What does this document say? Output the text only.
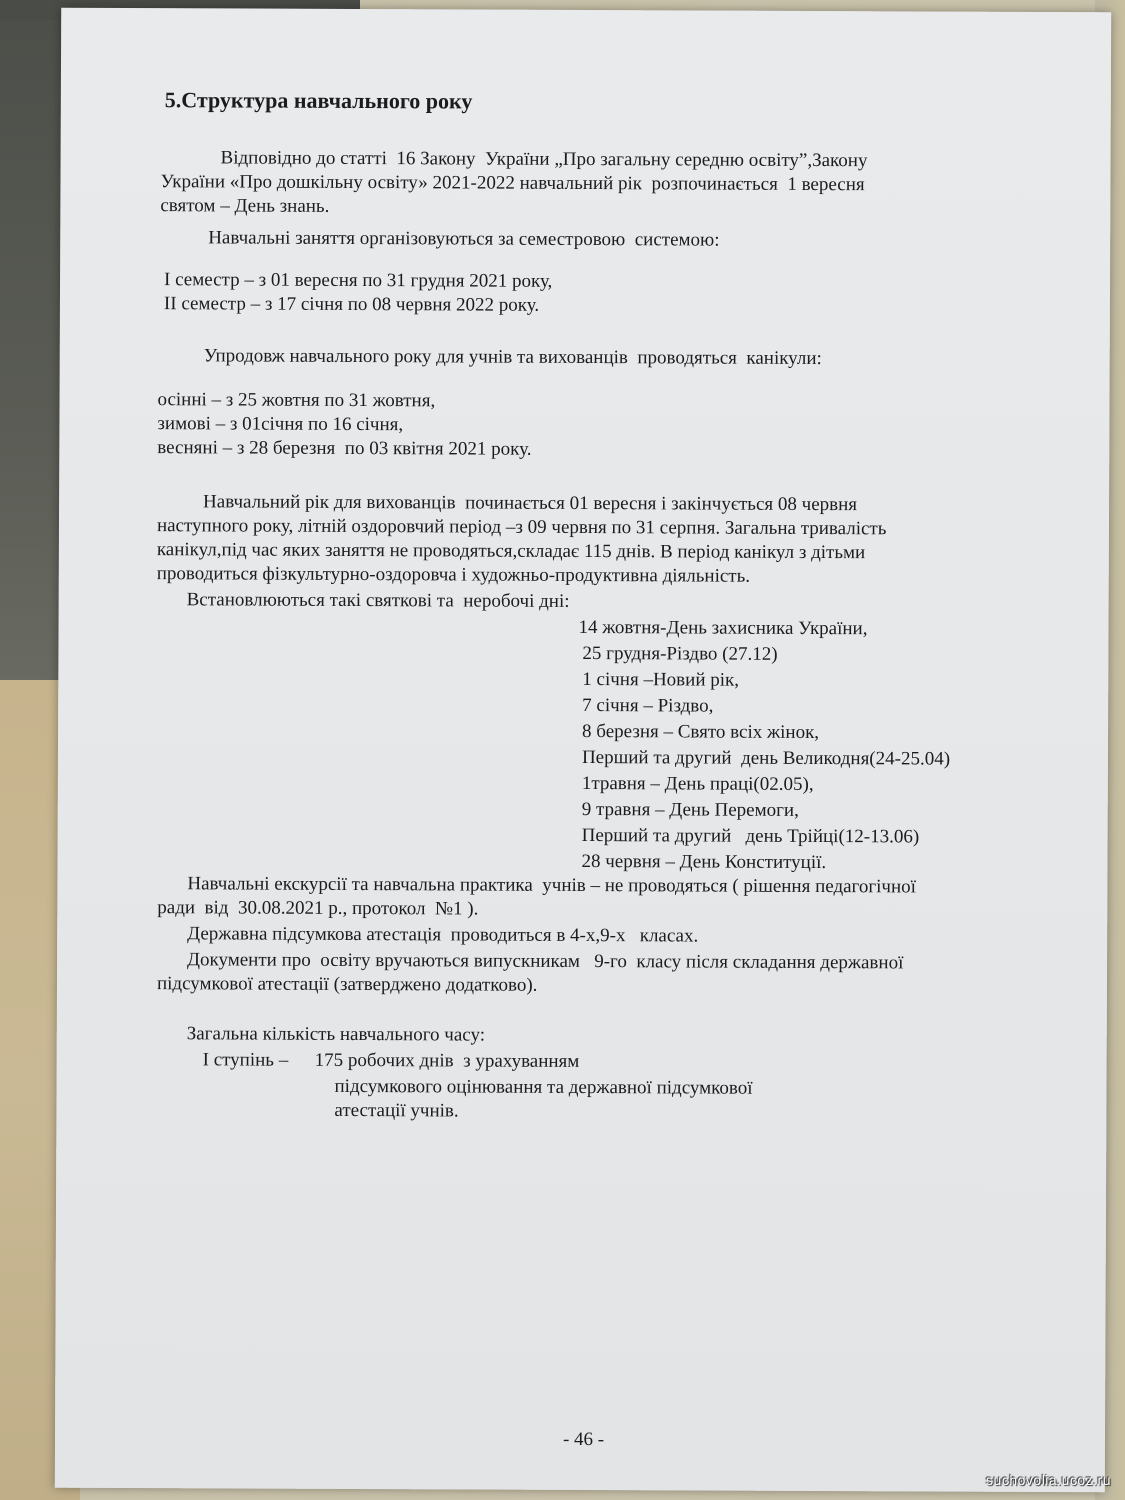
5.Структура навчального року
Відповідно до статті  16 Закону  України „Про загальну середню освіту”,Закону
України «Про дошкільну освіту» 2021-2022 навчальний рік  розпочинається  1 вересня
святом – День знань.
Навчальні заняття організовуються за семестровою  системою:
І семестр – з 01 вересня по 31 грудня 2021 року,
ІІ семестр – з 17 січня по 08 червня 2022 року.
Упродовж навчального року для учнів та вихованців  проводяться  канікули:
осінні – з 25 жовтня по 31 жовтня,
зимові – з 01січня по 16 січня,
весняні – з 28 березня  по 03 квітня 2021 року.
Навчальний рік для вихованців  починається 01 вересня і закінчується 08 червня
наступного року, літній оздоровчий період –з 09 червня по 31 серпня. Загальна тривалість
канікул,під час яких заняття не проводяться,складає 115 днів. В період канікул з дітьми
проводиться фізкультурно-оздоровча і художньо-продуктивна діяльність.
Встановлюються такі святкові та  неробочі дні:
14 жовтня-День захисника України,
25 грудня-Різдво (27.12)
1 січня –Новий рік,
7 січня – Різдво,
8 березня – Свято всіх жінок,
Перший та другий  день Великодня(24-25.04)
1травня – День праці(02.05),
9 травня – День Перемоги,
Перший та другий   день Трійці(12-13.06)
28 червня – День Конституції.
Навчальні екскурсії та навчальна практика  учнів – не проводяться ( рішення педагогічної
ради  від  30.08.2021 р., протокол  №1 ).
Державна підсумкова атестація  проводиться в 4-х,9-х   класах.
Документи про  освіту вручаються випускникам   9-го  класу після складання державної
підсумкової атестації (затверджено додатково).
Загальна кількість навчального часу:
І ступінь – 175 робочих днів  з урахуванням
підсумкового оцінювання та державної підсумкової
атестації учнів.
- 46 -
suchovolia.ucoz.ru
